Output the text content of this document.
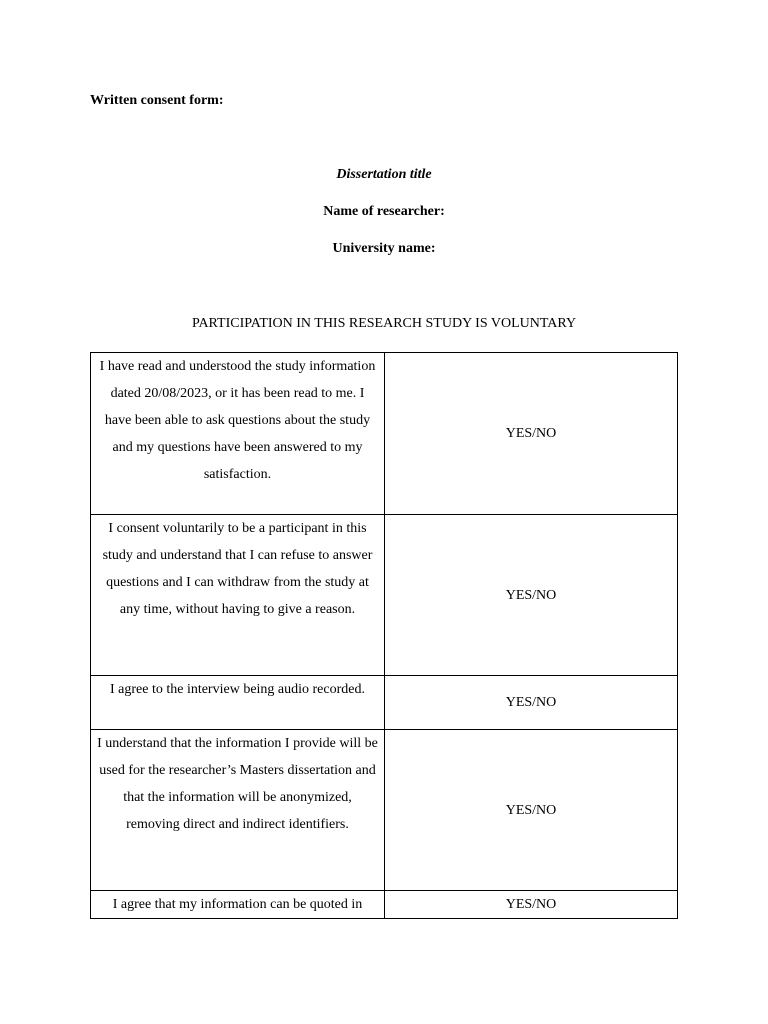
Written consent form:
Dissertation title
Name of researcher:
University name:
PARTICIPATION IN THIS RESEARCH STUDY IS VOLUNTARY
I have read and understood the study information dated 20/08/2023, or it has been read to me. I have been able to ask questions about the study and my questions have been answered to my satisfaction.	YES/NO
I consent voluntarily to be a participant in this study and understand that I can refuse to answer questions and I can withdraw from the study at any time, without having to give a reason.	YES/NO
I agree to the interview being audio recorded.	YES/NO
I understand that the information I provide will be used for the researcher’s Masters dissertation and that the information will be anonymized, removing direct and indirect identifiers.	YES/NO
I agree that my information can be quoted in	YES/NO
